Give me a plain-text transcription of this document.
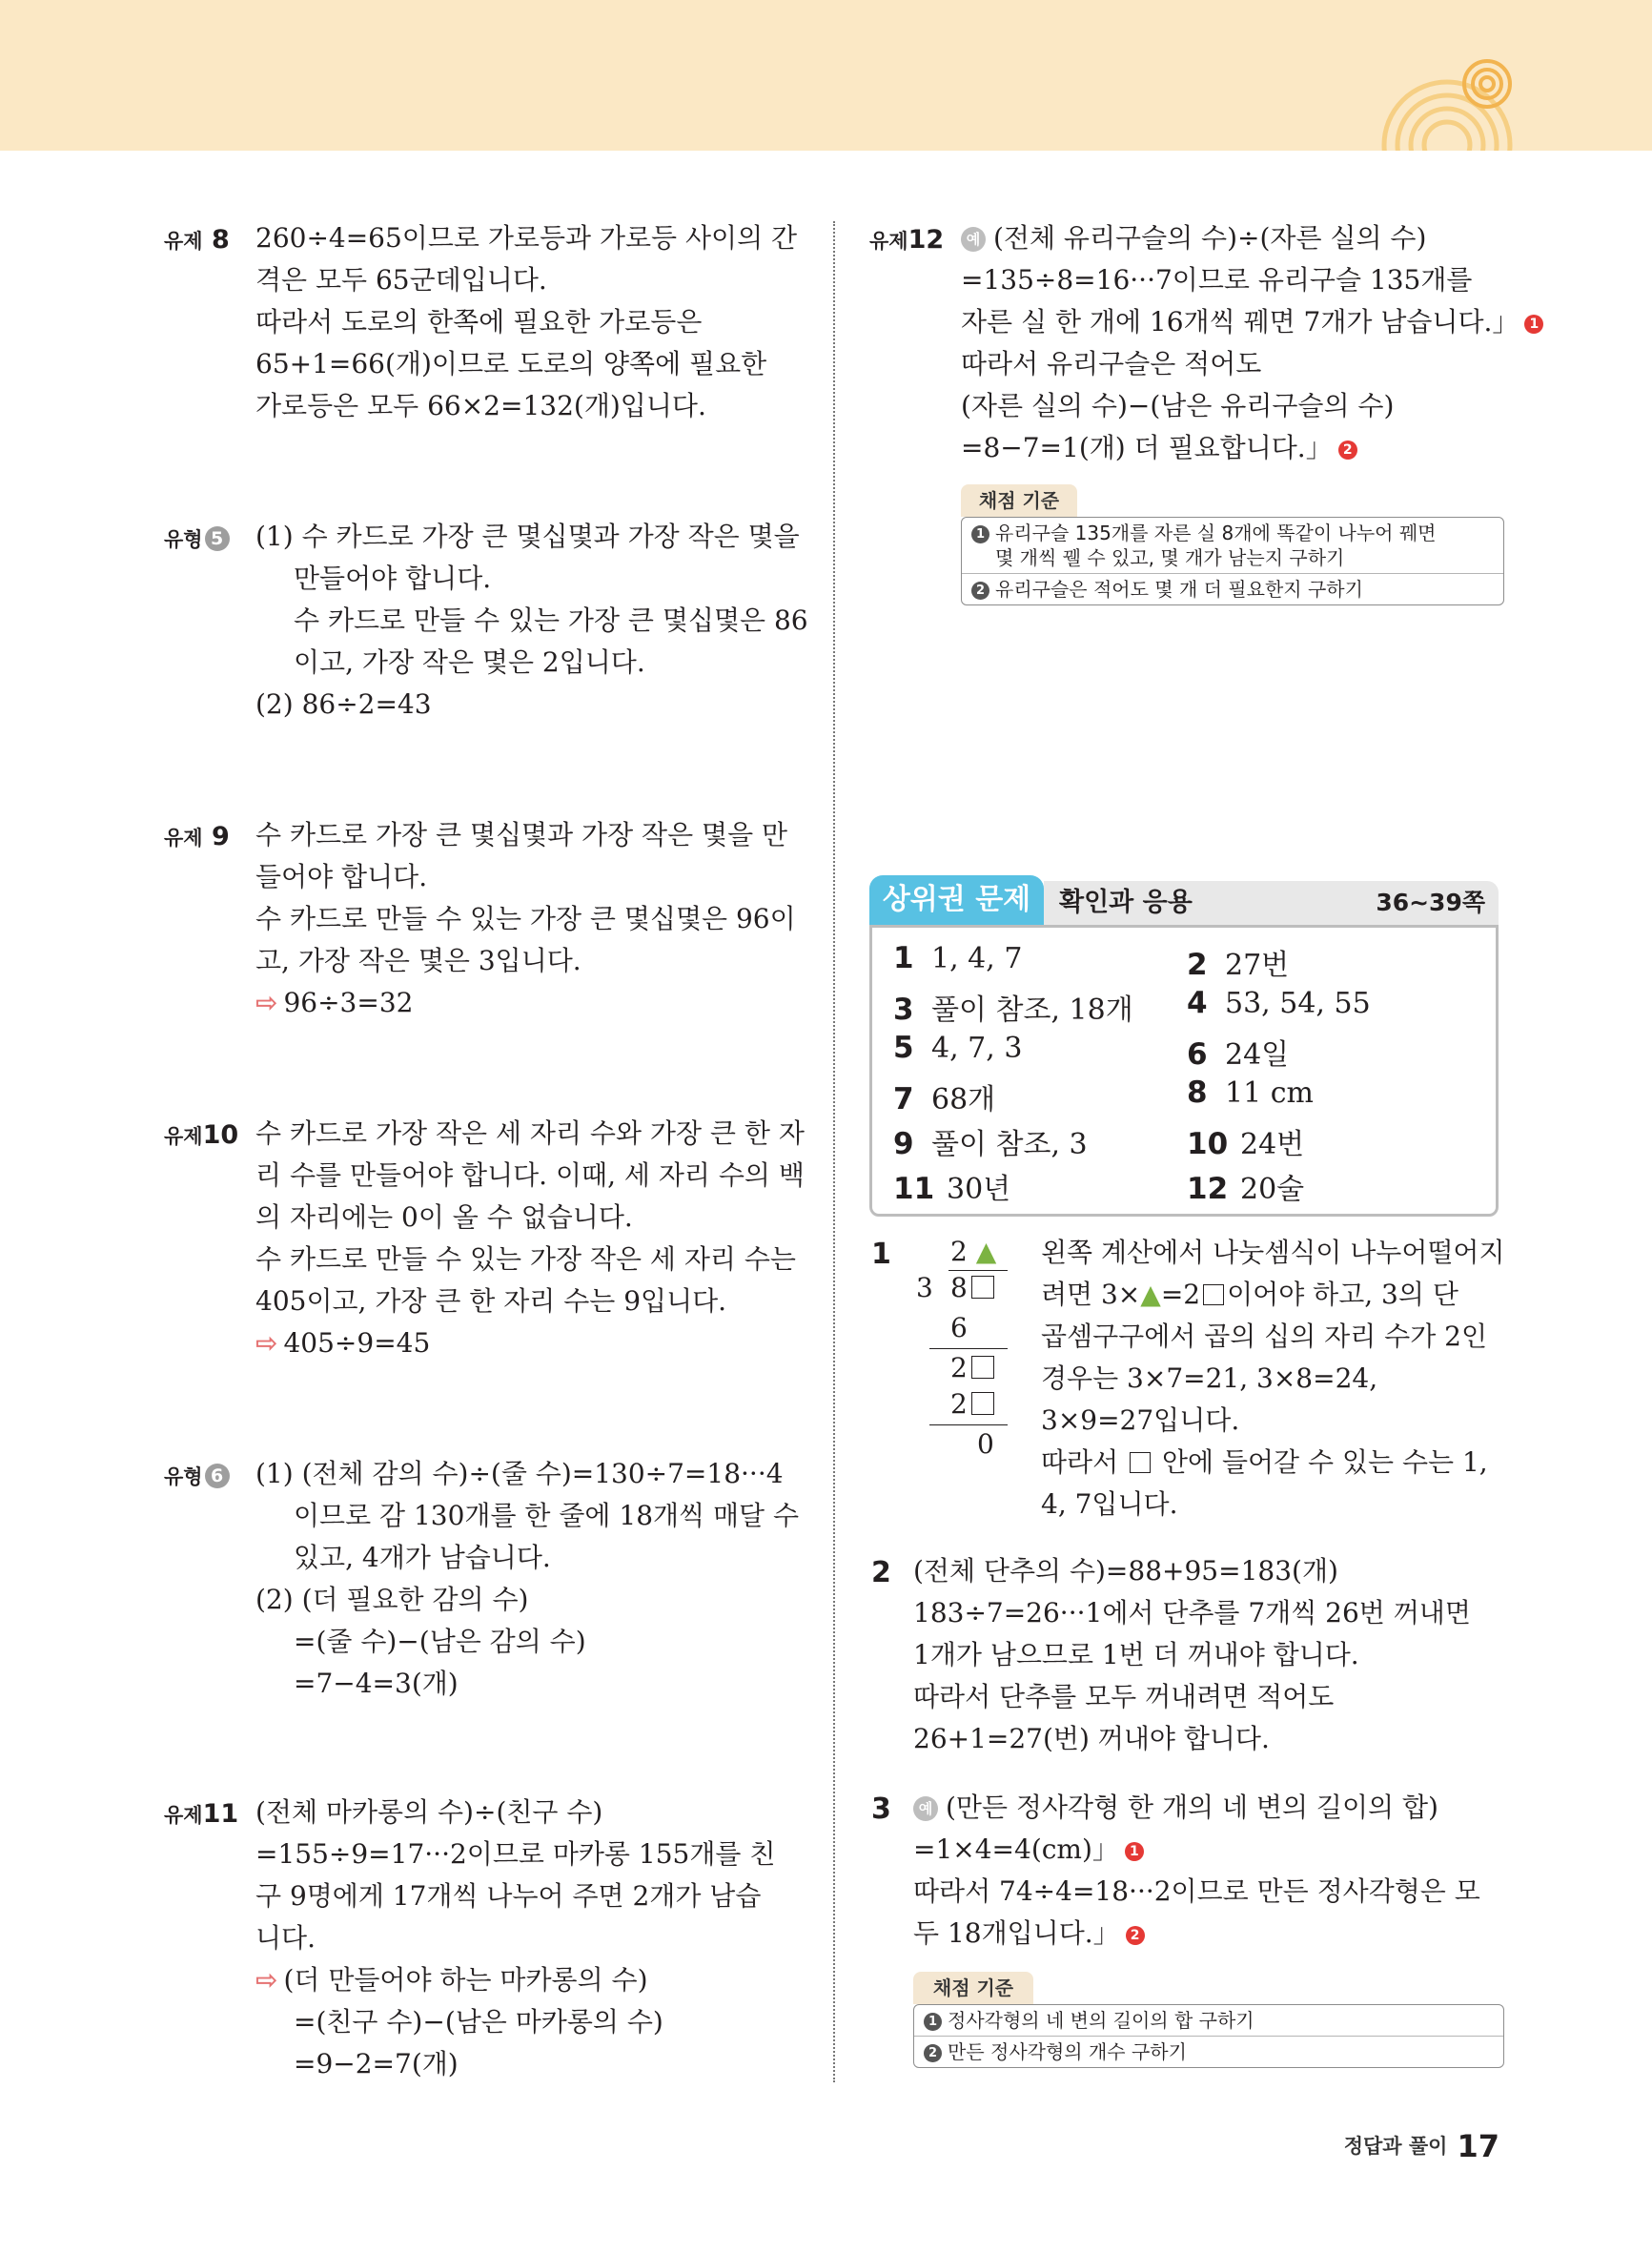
유제 8 260÷4=65이므로 가로등과 가로등 사이의 간
격은 모두 65군데입니다.
따라서 도로의 한쪽에 필요한 가로등은
65+1=66(개)이므로 도로의 양쪽에 필요한
가로등은 모두 66×2=132(개)입니다.
유형 5 (1) 수 카드로 가장 큰 몇십몇과 가장 작은 몇을
만들어야 합니다.
수 카드로 만들 수 있는 가장 큰 몇십몇은 86
이고, 가장 작은 몇은 2입니다.
(2) 86÷2=43
유제 9 수 카드로 가장 큰 몇십몇과 가장 작은 몇을 만
들어야 합니다.
수 카드로 만들 수 있는 가장 큰 몇십몇은 96이
고, 가장 작은 몇은 3입니다.
⇨ 96÷3=32
유제10 수 카드로 가장 작은 세 자리 수와 가장 큰 한 자
리 수를 만들어야 합니다. 이때, 세 자리 수의 백
의 자리에는 0이 올 수 없습니다.
수 카드로 만들 수 있는 가장 작은 세 자리 수는
405이고, 가장 큰 한 자리 수는 9입니다.
⇨ 405÷9=45
유형 6 (1) (전체 감의 수)÷(줄 수)=130÷7=18···4
이므로 감 130개를 한 줄에 18개씩 매달 수
있고, 4개가 남습니다.
(2) (더 필요한 감의 수)
=(줄 수)−(남은 감의 수)
=7−4=3(개)
유제11 (전체 마카롱의 수)÷(친구 수)
=155÷9=17···2이므로 마카롱 155개를 친
구 9명에게 17개씩 나누어 주면 2개가 남습
니다.
⇨ (더 만들어야 하는 마카롱의 수)
=(친구 수)−(남은 마카롱의 수)
=9−2=7(개)
유제12	예 (전체 유리구슬의 수)÷(자른 실의 수)
=135÷8=16···7이므로 유리구슬 135개를
자른 실 한 개에 16개씩 꿰면 7개가 남습니다.」 1
따라서 유리구슬은 적어도
(자른 실의 수)−(남은 유리구슬의 수)
=8−7=1(개) 더 필요합니다.」 2
채점 기준
1 유리구슬 135개를 자른 실 8개에 똑같이 나누어 꿰면
몇 개씩 꿸 수 있고, 몇 개가 남는지 구하기
2 유리구슬은 적어도 몇 개 더 필요한지 구하기
상위권 문제	확인과 응용	36~39쪽
1 1, 4, 7	2 27번
3 풀이 참조, 18개 4 53, 54, 55
5 4, 7, 3	6 24일
7 68개	8 11 cm
9 풀이 참조, 3	10 24번
11 30년	12 20술
1 2 ▲
3 8
6
2
2
0
왼쪽 계산에서 나눗셈식이 나누어떨어지
려면 3×▲=2 이어야 하고, 3의 단
곱셈구구에서 곱의 십의 자리 수가 2인
경우는 3×7=21, 3×8=24,
3×9=27입니다.
따라서 안에 들어갈 수 있는 수는 1,
4, 7입니다.
2 (전체 단추의 수)=88+95=183(개)
183÷7=26···1에서 단추를 7개씩 26번 꺼내면
1개가 남으므로 1번 더 꺼내야 합니다.
따라서 단추를 모두 꺼내려면 적어도
26+1=27(번) 꺼내야 합니다.
3	예 (만든 정사각형 한 개의 네 변의 길이의 합)
=1×4=4(cm)」 1
따라서 74÷4=18···2이므로 만든 정사각형은 모
두 18개입니다.」 2
채점 기준
1 정사각형의 네 변의 길이의 합 구하기
2 만든 정사각형의 개수 구하기
정답과 풀이 17
